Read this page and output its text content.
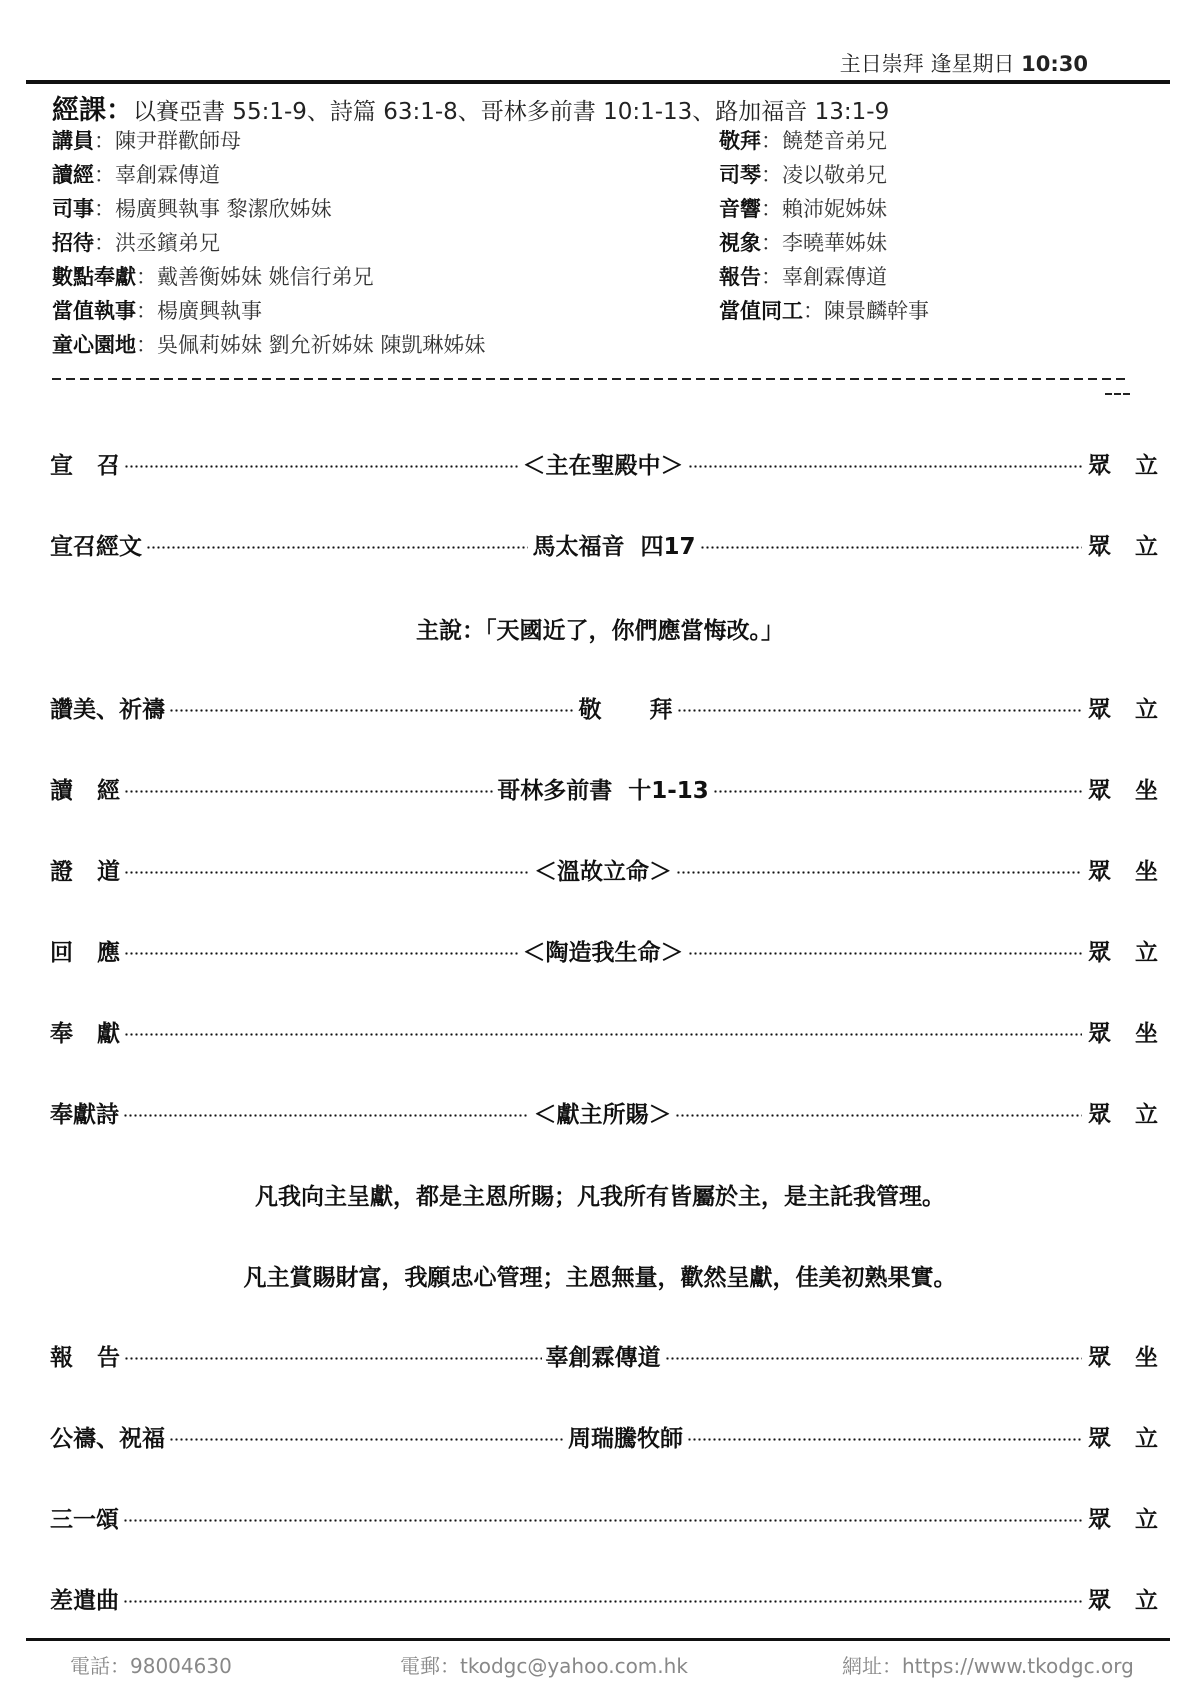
主日崇拜 逢星期日 10:30
經課：以賽亞書 55:1-9、詩篇 63:1-8、哥林多前書 10:1-13、路加福音 13:1-9
講員：陳尹群歡師母
讀經：辜創霖傳道
司事：楊廣興執事 黎潔欣姊妹
招待：洪丞鑌弟兄
數點奉獻：戴善衡姊妹 姚信行弟兄
當值執事：楊廣興執事
童心園地：吳佩莉姊妹 劉允祈姊妹 陳凱琳姊妹
敬拜：饒楚音弟兄
司琴：凌以敬弟兄
音響：賴沛妮姊妹
視象：李曉華姊妹
報告：辜創霖傳道
當值同工：陳景麟幹事
宣   召	＜主在聖殿中＞	眾   立
宣召經文	馬太福音  四17	眾   立
主說：「天國近了，你們應當悔改。」
讚美、祈禱	敬      拜	眾   立
讀   經	哥林多前書  十1-13	眾   坐
證   道	＜溫故立命＞	眾   坐
回   應	＜陶造我生命＞	眾   立
奉   獻	眾   坐
奉獻詩	＜獻主所賜＞	眾   立
凡我向主呈獻，都是主恩所賜；凡我所有皆屬於主，是主託我管理。
凡主賞賜財富，我願忠心管理；主恩無量，歡然呈獻，佳美初熟果實。
報   告	辜創霖傳道	眾   坐
公禱、祝福	周瑞騰牧師	眾   立
三一頌	眾   立
差遣曲	眾   立
電話：98004630	電郵：tkodgc@yahoo.com.hk	網址：https://www.tkodgc.org
